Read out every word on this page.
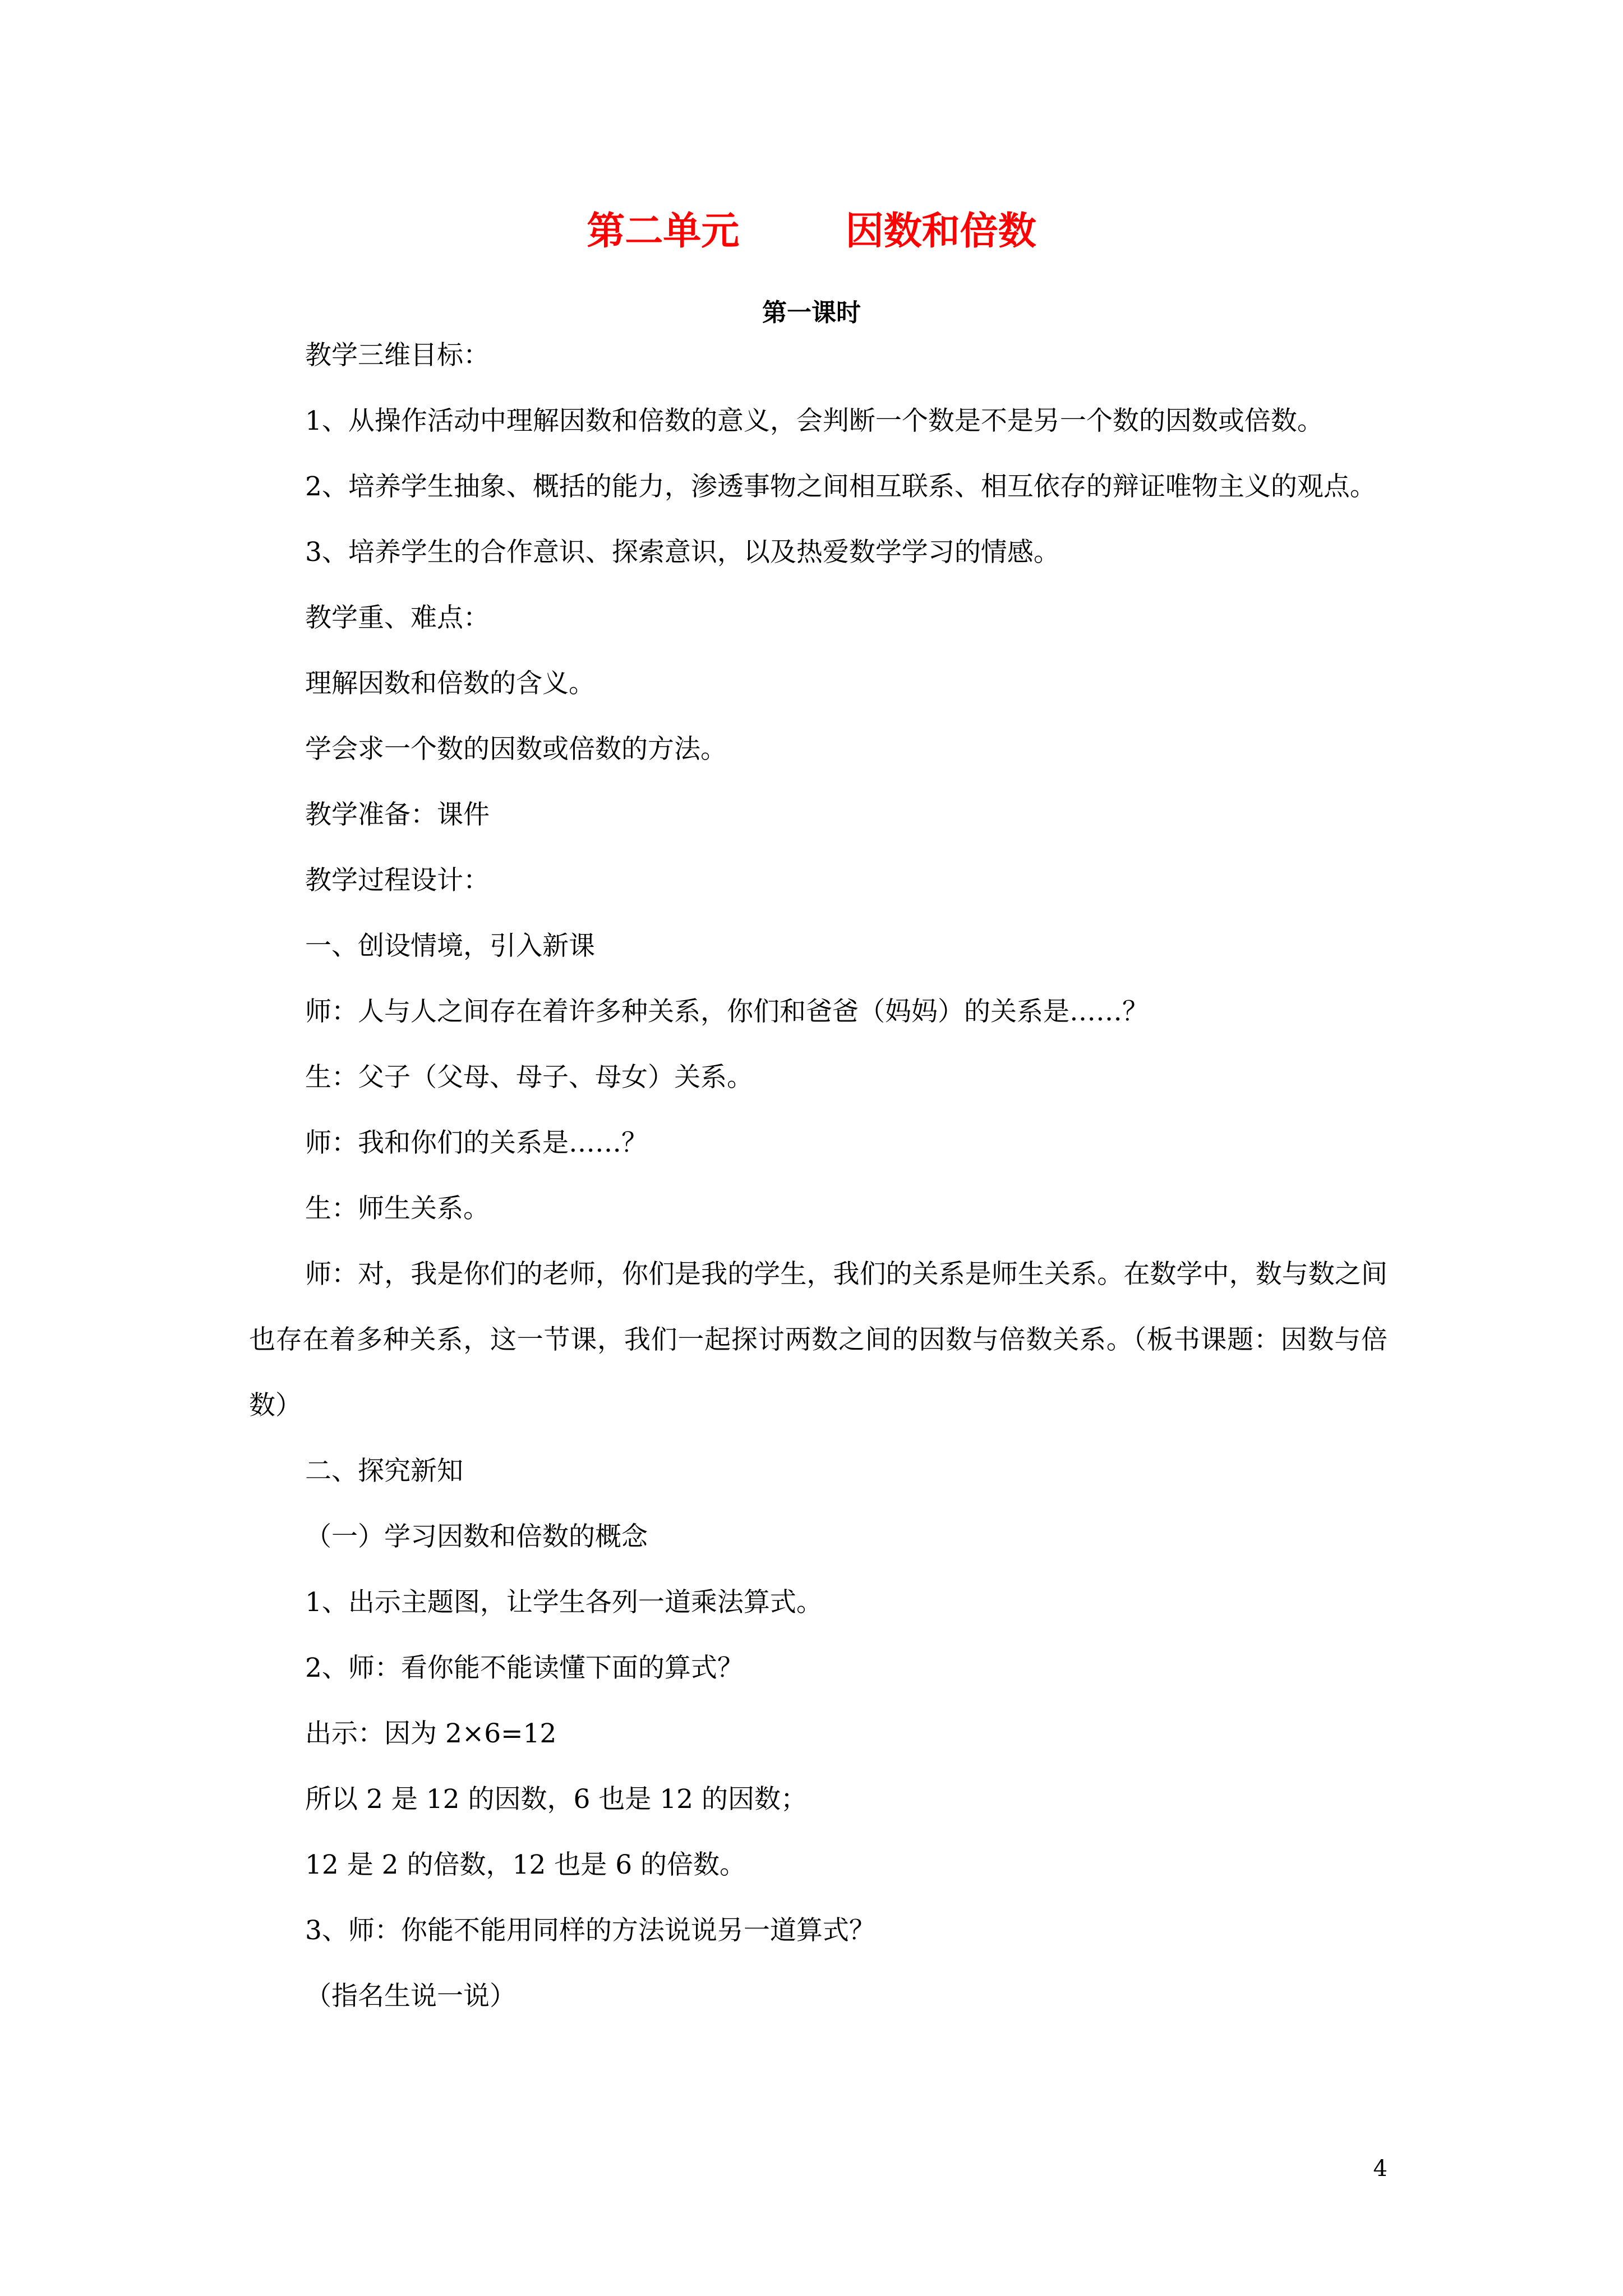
第二单元        因数和倍数
第一课时

教学三维目标：

1、从操作活动中理解因数和倍数的意义，会判断一个数是不是另一个数的因数或倍数。

2、培养学生抽象、概括的能力，渗透事物之间相互联系、相互依存的辩证唯物主义的观点。

3、培养学生的合作意识、探索意识，以及热爱数学学习的情感。

教学重、难点：

理解因数和倍数的含义。

学会求一个数的因数或倍数的方法。

教学准备：课件

教学过程设计：

一、创设情境，引入新课

师：人与人之间存在着许多种关系，你们和爸爸（妈妈）的关系是……？

生：父子（父母、母子、母女）关系。

师：我和你们的关系是……？

生：师生关系。

师：对，我是你们的老师，你们是我的学生，我们的关系是师生关系。在数学中，数与数之间也存在着多种关系，这一节课，我们一起探讨两数之间的因数与倍数关系。（板书课题：因数与倍数）

二、探究新知

（一）学习因数和倍数的概念

1、出示主题图，让学生各列一道乘法算式。

2、师：看你能不能读懂下面的算式？

出示：因为 2×6=12

所以 2 是 12 的因数，6 也是 12 的因数；

12 是 2 的倍数，12 也是 6 的倍数。

3、师：你能不能用同样的方法说说另一道算式？

（指名生说一说）

4
